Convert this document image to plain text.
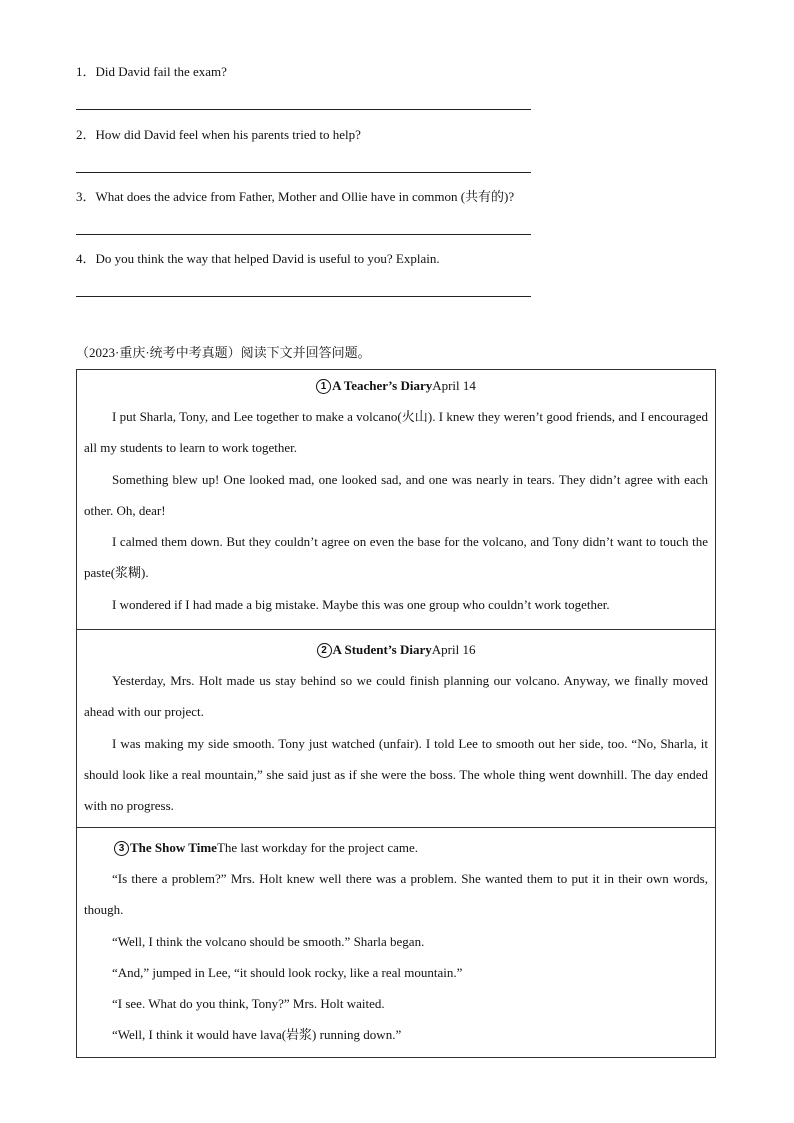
1．Did David fail the exam?
2．How did David feel when his parents tried to help?
3．What does the advice from Father, Mother and Ollie have in common (共有的)?
4．Do you think the way that helped David is useful to you? Explain.
（2023·重庆·统考中考真题）阅读下文并回答问题。
1 A Teacher’s DiaryApril 14

I put Sharla, Tony, and Lee together to make a volcano(火山). I knew they weren’t good friends, and I encouraged all my students to learn to work together.

Something blew up! One looked mad, one looked sad, and one was nearly in tears. They didn’t agree with each other. Oh, dear!

I calmed them down. But they couldn’t agree on even the base for the volcano, and Tony didn’t want to touch the paste(浆糊).

I wondered if I had made a big mistake. Maybe this was one group who couldn’t work together.

2 A Student’s DiaryApril 16

Yesterday, Mrs. Holt made us stay behind so we could finish planning our volcano. Anyway, we finally moved ahead with our project.

I was making my side smooth. Tony just watched (unfair). I told Lee to smooth out her side, too. “No, Sharla, it should look like a real mountain,” she said just as if she were the boss. The whole thing went downhill. The day ended with no progress.

3 The Show TimeThe last workday for the project came.

“Is there a problem?” Mrs. Holt knew well there was a problem. She wanted them to put it in their own words, though.

“Well, I think the volcano should be smooth.” Sharla began.

“And,” jumped in Lee, “it should look rocky, like a real mountain.”

“I see. What do you think, Tony?” Mrs. Holt waited.

“Well, I think it would have lava(岩浆) running down.”
